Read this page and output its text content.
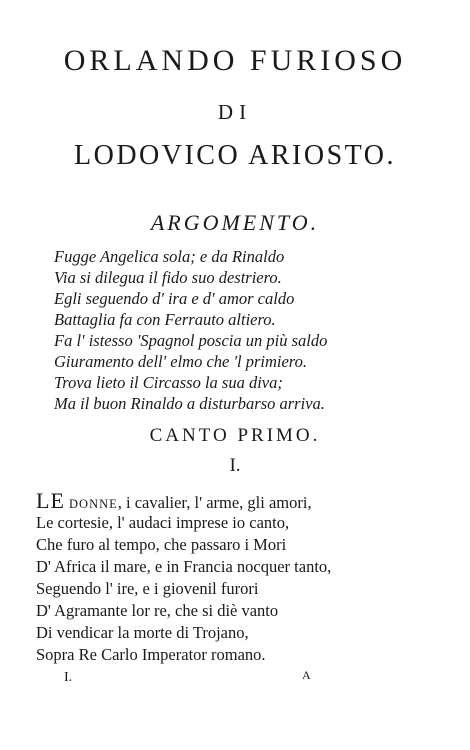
ORLANDO FURIOSO
DI
LODOVICO ARIOSTO.
ARGOMENTO.
Fugge Angelica sola; e da Rinaldo
Via si dilegua il fido suo destriero.
Egli seguendo d' ira e d' amor caldo
Battaglia fa con Ferrauto altiero.
Fa l' istesso 'Spagnol poscia un più saldo
Giuramento dell' elmo che 'l primiero.
Trova lieto il Circasso la sua diva;
Ma il buon Rinaldo a disturbarso arriva.
CANTO PRIMO.
I.
LE DONNE, i cavalier, l' arme, gli amori,
Le cortesie, l' audaci imprese io canto,
Che furo al tempo, che passaro i Mori
D' Africa il mare, e in Francia nocquer tanto,
Seguendo l' ire, e i giovenil furori
D' Agramante lor re, che si diè vanto
Di vendicar la morte di Trojano,
Sopra Re Carlo Imperator romano.
I.	A
